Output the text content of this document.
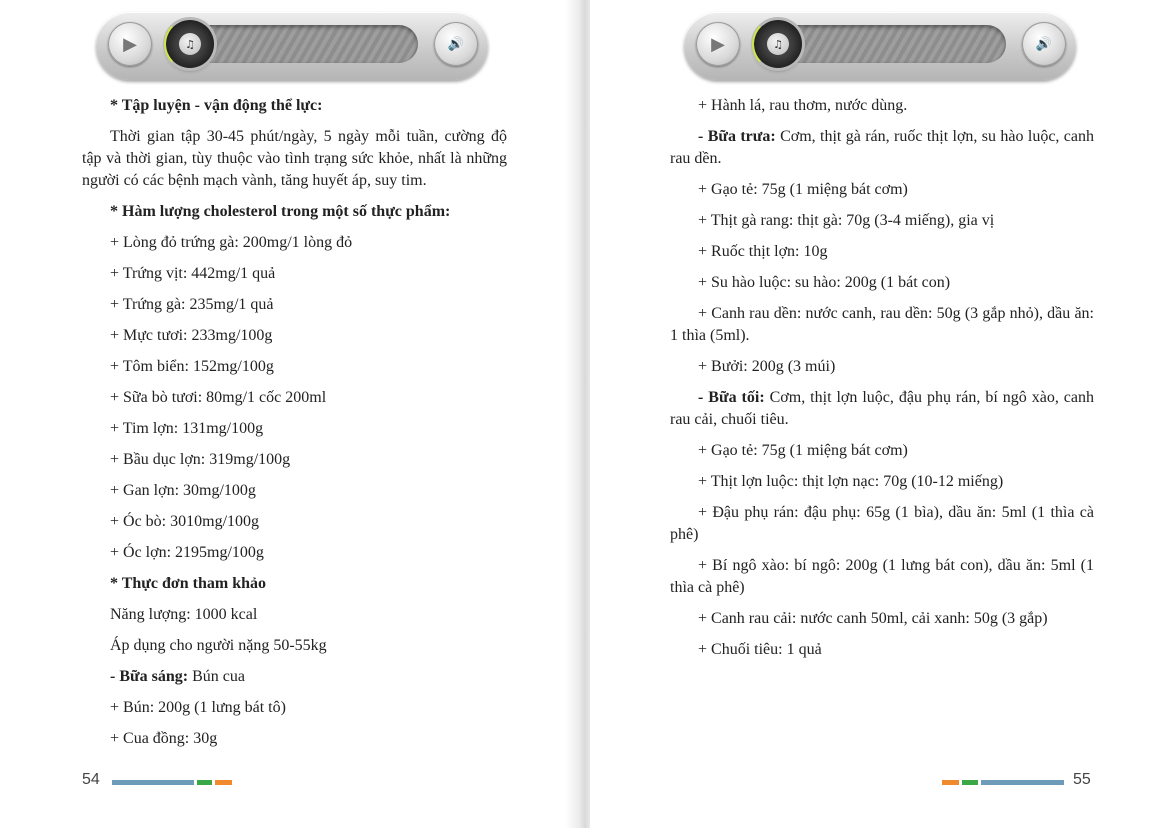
▶	♫	🔊
* Tập luyện - vận động thể lực:
Thời gian tập 30-45 phút/ngày, 5 ngày mỗi tuần, cường độ tập và thời gian, tùy thuộc vào tình trạng sức khỏe, nhất là những người có các bệnh mạch vành, tăng huyết áp, suy tim.
* Hàm lượng cholesterol trong một số thực phẩm:
+ Lòng đỏ trứng gà: 200mg/1 lòng đỏ
+ Trứng vịt: 442mg/1 quả
+ Trứng gà: 235mg/1 quả
+ Mực tươi: 233mg/100g
+ Tôm biển: 152mg/100g
+ Sữa bò tươi: 80mg/1 cốc 200ml
+ Tim lợn: 131mg/100g
+ Bầu dục lợn: 319mg/100g
+ Gan lợn: 30mg/100g
+ Óc bò: 3010mg/100g
+ Óc lợn: 2195mg/100g
* Thực đơn tham khảo
Năng lượng: 1000 kcal
Áp dụng cho người nặng 50-55kg
- Bữa sáng: Bún cua
+ Bún: 200g (1 lưng bát tô)
+ Cua đồng: 30g
54
▶	♫	🔊
+ Hành lá, rau thơm, nước dùng.
- Bữa trưa: Cơm, thịt gà rán, ruốc thịt lợn, su hào luộc, canh rau dền.
+ Gạo tẻ: 75g (1 miệng bát cơm)
+ Thịt gà rang: thịt gà: 70g (3-4 miếng), gia vị
+ Ruốc thịt lợn: 10g
+ Su hào luộc: su hào: 200g (1 bát con)
+ Canh rau dền: nước canh, rau dền: 50g (3 gắp nhỏ), dầu ăn: 1 thìa (5ml).
+ Bưởi: 200g (3 múi)
- Bữa tối: Cơm, thịt lợn luộc, đậu phụ rán, bí ngô xào, canh rau cải, chuối tiêu.
+ Gạo tẻ: 75g (1 miệng bát cơm)
+ Thịt lợn luộc: thịt lợn nạc: 70g (10-12 miếng)
+ Đậu phụ rán: đậu phụ: 65g (1 bìa), dầu ăn: 5ml (1 thìa cà phê)
+ Bí ngô xào: bí ngô: 200g (1 lưng bát con), dầu ăn: 5ml (1 thìa cà phê)
+ Canh rau cải: nước canh 50ml, cải xanh: 50g (3 gắp)
+ Chuối tiêu: 1 quả
55
